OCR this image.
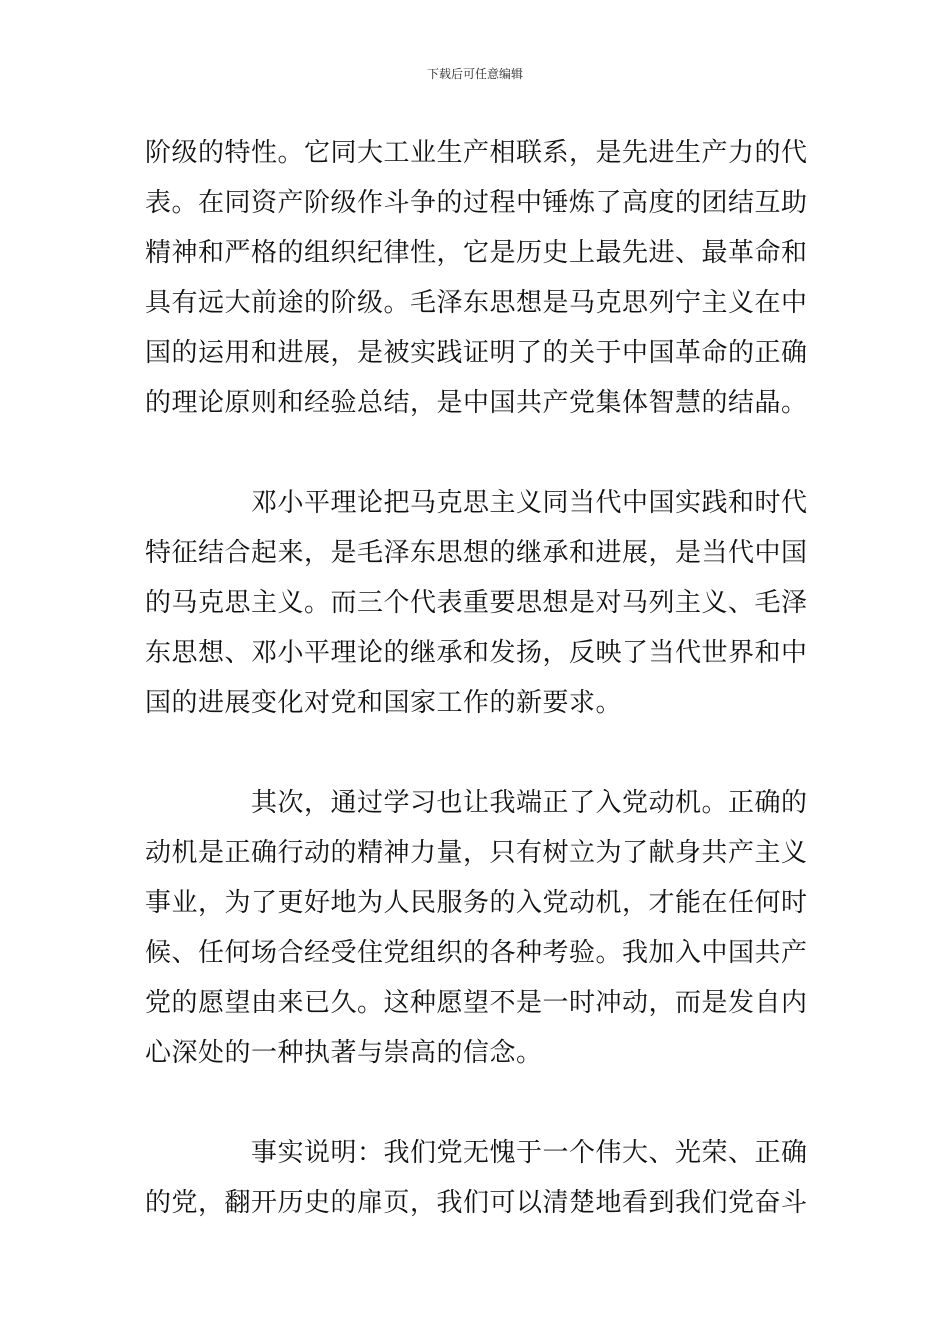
下载后可任意编辑

阶级的特性。它同大工业生产相联系，是先进生产力的代

表。在同资产阶级作斗争的过程中锤炼了高度的团结互助

精神和严格的组织纪律性，它是历史上最先进、最革命和

具有远大前途的阶级。毛泽东思想是马克思列宁主义在中

国的运用和进展，是被实践证明了的关于中国革命的正确

的理论原则和经验总结，是中国共产党集体智慧的结晶。

邓小平理论把马克思主义同当代中国实践和时代

特征结合起来，是毛泽东思想的继承和进展，是当代中国

的马克思主义。而三个代表重要思想是对马列主义、毛泽

东思想、邓小平理论的继承和发扬，反映了当代世界和中

国的进展变化对党和国家工作的新要求。

其次，通过学习也让我端正了入党动机。正确的

动机是正确行动的精神力量，只有树立为了献身共产主义

事业，为了更好地为人民服务的入党动机，才能在任何时

候、任何场合经受住党组织的各种考验。我加入中国共产

党的愿望由来已久。这种愿望不是一时冲动，而是发自内

心深处的一种执著与崇高的信念。

事实说明：我们党无愧于一个伟大、光荣、正确

的党，翻开历史的扉页，我们可以清楚地看到我们党奋斗
